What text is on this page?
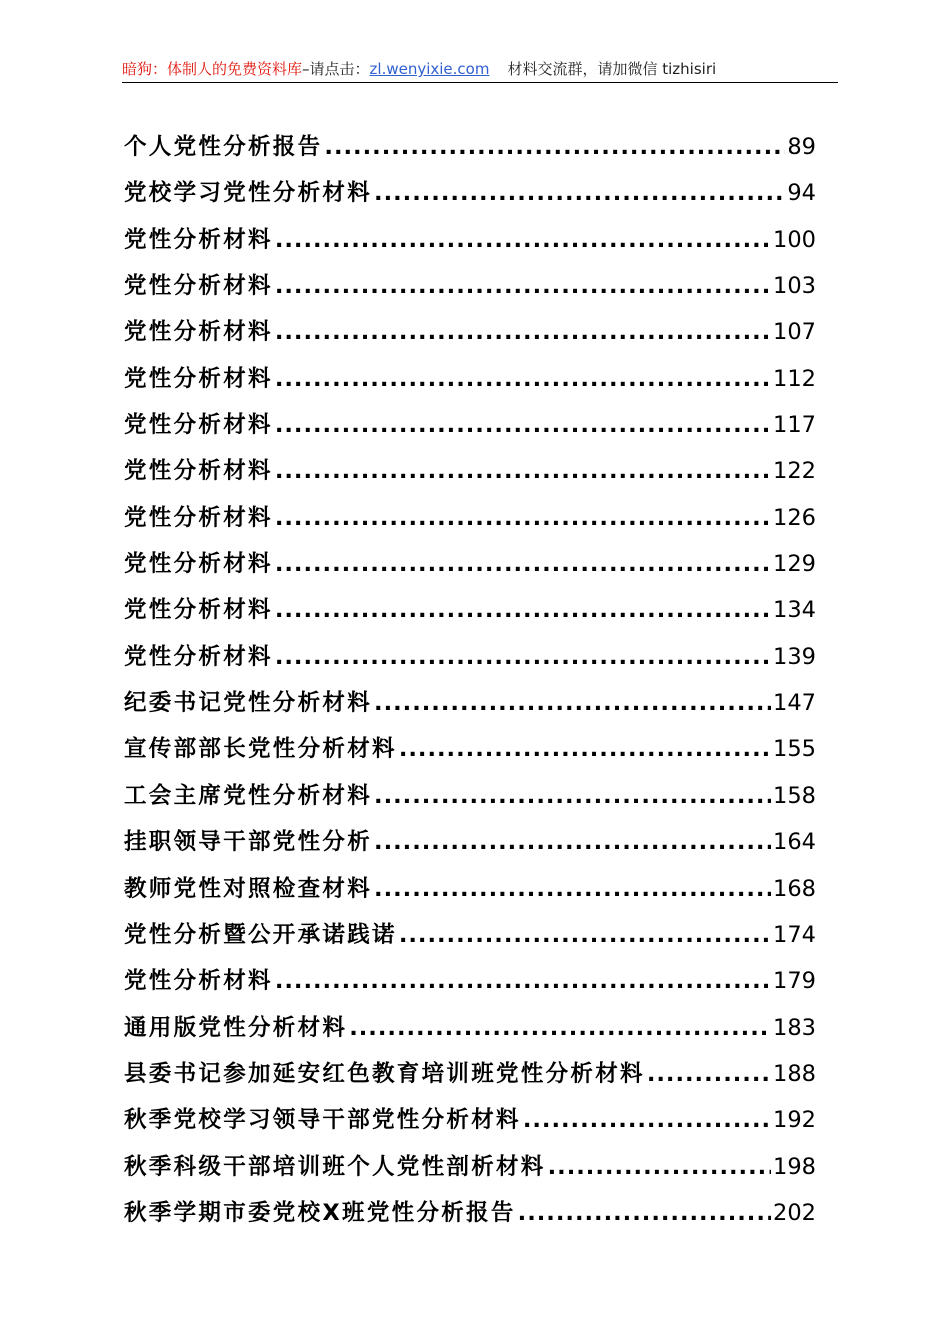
暗狗：体制人的免费资料库–请点击：zl.wenyixie.com 材料交流群，请加微信 tizhisiri
个人党性分析报告 .....	89
党校学习党性分析材料 .....	94
党性分析材料 .....	100
党性分析材料 .....	103
党性分析材料 .....	107
党性分析材料 .....	112
党性分析材料 .....	117
党性分析材料 .....	122
党性分析材料 .....	126
党性分析材料 .....	129
党性分析材料 .....	134
党性分析材料 .....	139
纪委书记党性分析材料 .....	147
宣传部部长党性分析材料 .....	155
工会主席党性分析材料 .....	158
挂职领导干部党性分析 .....	164
教师党性对照检查材料 .....	168
党性分析暨公开承诺践诺 .....	174
党性分析材料 .....	179
通用版党性分析材料 .....	183
县委书记参加延安红色教育培训班党性分析材料 .....	188
秋季党校学习领导干部党性分析材料 .....	192
秋季科级干部培训班个人党性剖析材料 .....	198
秋季学期市委党校X班党性分析报告 .....	202
